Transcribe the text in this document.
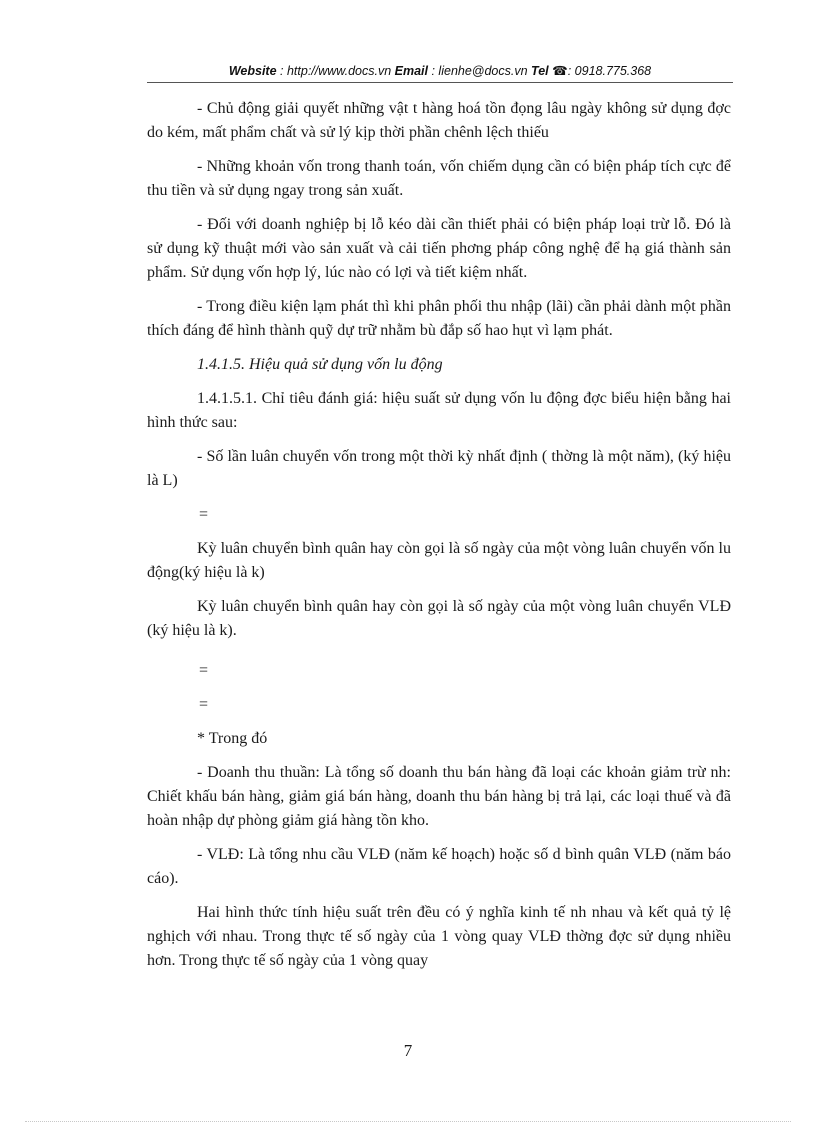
Website : http://www.docs.vn Email : lienhe@docs.vn Tel ☎: 0918.775.368

- Chủ động giải quyết những vật t hàng hoá tồn đọng lâu ngày không sử dụng đợc do kém, mất phẩm chất và sử lý kịp thời phần chênh lệch thiếu

- Những khoản vốn trong thanh toán, vốn chiếm dụng cần có biện pháp tích cực để thu tiền và sử dụng ngay trong sản xuất.

- Đối với doanh nghiệp bị lỗ kéo dài cần thiết phải có biện pháp loại trừ lỗ. Đó là sử dụng kỹ thuật mới vào sản xuất và cải tiến phơng pháp công nghệ để hạ giá thành sản phẩm. Sử dụng vốn hợp lý, lúc nào có lợi và tiết kiệm nhất.

- Trong điều kiện lạm phát thì khi phân phối thu nhập (lãi) cần phải dành một phần thích đáng để hình thành quỹ dự trữ nhằm bù đắp số hao hụt vì lạm phát.

1.4.1.5. Hiệu quả sử dụng vốn lu động

1.4.1.5.1. Chỉ tiêu đánh giá: hiệu suất sử dụng vốn lu động đợc biểu hiện bằng hai hình thức sau:

- Số lần luân chuyển vốn trong một thời kỳ nhất định ( thờng là một năm), (ký hiệu là L)

=

Kỳ luân chuyển bình quân hay còn gọi là số ngày của một vòng luân chuyển vốn lu động(ký hiệu là k)

Kỳ luân chuyển bình quân hay còn gọi là số ngày của một vòng luân chuyển VLĐ (ký hiệu là k).

=

=

* Trong đó

- Doanh thu thuần: Là tổng số doanh thu bán hàng đã loại các khoản giảm trừ nh: Chiết khấu bán hàng, giảm giá bán hàng, doanh thu bán hàng bị trả lại, các loại thuế và đã hoàn nhập dự phòng giảm giá hàng tồn kho.

- VLĐ: Là tổng nhu cầu VLĐ (năm kế hoạch) hoặc số d bình quân VLĐ (năm báo cáo).

Hai hình thức tính hiệu suất trên đều có ý nghĩa kinh tế nh nhau và kết quả tỷ lệ nghịch với nhau. Trong thực tế số ngày của 1 vòng quay VLĐ thờng đợc sử dụng nhiều hơn. Trong thực tế số ngày của 1 vòng quay

7
